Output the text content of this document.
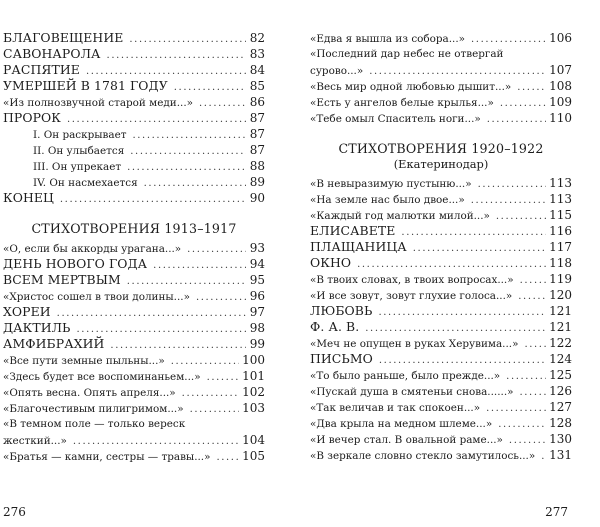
БЛАГОВЕЩЕНИЕ .....	82
САВОНАРОЛА .....	83
РАСПЯТИЕ .....	84
УМЕРШЕЙ В 1781 ГОДУ .....	85
«Из полнозвучной старой меди...» .....	86
ПРОРОК .....	87
I. Он раскрывает .....	87
II. Он улыбается .....	87
III. Он упрекает .....	88
IV. Он насмехается .....	89
КОНЕЦ .....	90
СТИХОТВОРЕНИЯ 1913–1917
«О, если бы аккорды урагана...» .....	93
ДЕНЬ НОВОГО ГОДА .....	94
ВСЕМ МЕРТВЫМ .....	95
«Христос сошел в твои долины...» .....	96
ХОРЕИ .....	97
ДАКТИЛЬ .....	98
АМФИБРАХИЙ .....	99
«Все пути земные пыльны...» .....	100
«Здесь будет все воспоминаньем...» .....	101
«Опять весна. Опять апреля...» .....	102
«Благочестивым пилигримом...» .....	103
«В темном поле — только вереск
жесткий...» .....	104
«Братья — камни, сестры — травы...» .....	105
276
«Едва я вышла из собора...» .....	106
«Последний дар небес не отвергай
сурово...» .....	107
«Весь мир одной любовью дышит...» .....	108
«Есть у ангелов белые крылья...» .....	109
«Тебе омыл Спаситель ноги...» .....	110
СТИХОТВОРЕНИЯ 1920–1922
(Екатеринодар)
«В невыразимую пустыню...» .....	113
«На земле нас было двое...» .....	113
«Каждый год малютки милой...» .....	115
ЕЛИСАВЕТЕ .....	116
ПЛАЩАНИЦА .....	117
ОКНО .....	118
«В твоих словах, в твоих вопросах...» .....	119
«И все зовут, зовут глухие голоса...» .....	120
ЛЮБОВЬ .....	121
Ф. А. В. .....	121
«Меч не опущен в руках Херувима...» .....	122
ПИСЬМО .....	124
«То было раньше, было прежде...» .....	125
«Пускай душа в смятеньи снова......» .....	126
«Так величав и так спокоен...» .....	127
«Два крыла на медном шлеме...» .....	128
«И вечер стал. В овальной раме...» .....	130
«В зеркале словно стекло замутилось...» ..... 131
277
